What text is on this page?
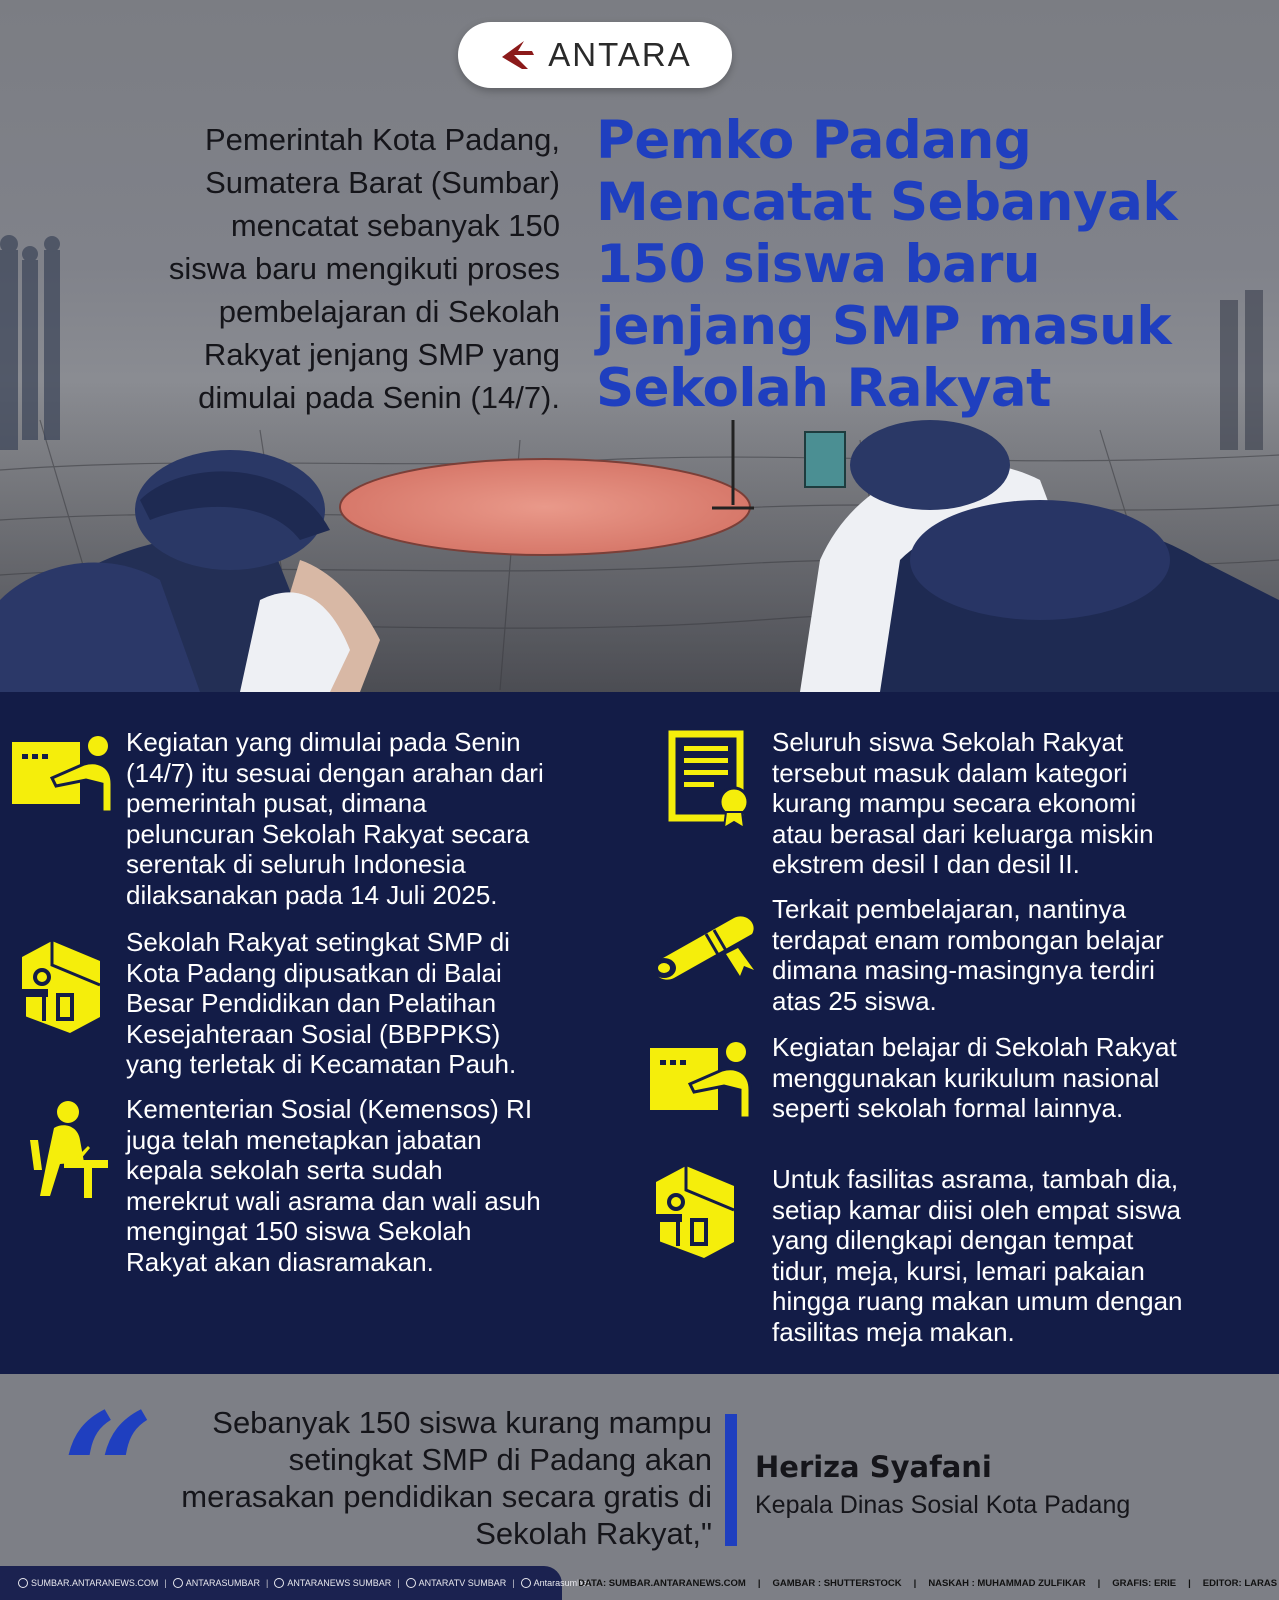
ANTARA
Pemerintah Kota Padang,
Sumatera Barat (Sumbar)
mencatat sebanyak 150
siswa baru mengikuti proses
pembelajaran di Sekolah
Rakyat jenjang SMP yang
dimulai pada Senin (14/7).
Pemko Padang
Mencatat Sebanyak
150 siswa baru
jenjang SMP masuk
Sekolah Rakyat
Kegiatan yang dimulai pada Senin
(14/7) itu sesuai dengan arahan dari
pemerintah pusat, dimana
peluncuran Sekolah Rakyat secara
serentak di seluruh Indonesia
dilaksanakan pada 14 Juli 2025.
Sekolah Rakyat setingkat SMP di
Kota Padang dipusatkan di Balai
Besar Pendidikan dan Pelatihan
Kesejahteraan Sosial (BBPPKS)
yang terletak di Kecamatan Pauh.
Kementerian Sosial (Kemensos) RI
juga telah menetapkan jabatan
kepala sekolah serta sudah
merekrut wali asrama dan wali asuh
mengingat 150 siswa Sekolah
Rakyat akan diasramakan.
Seluruh siswa Sekolah Rakyat
tersebut masuk dalam kategori
kurang mampu secara ekonomi
atau berasal dari keluarga miskin
ekstrem desil I dan desil II.
Terkait pembelajaran, nantinya
terdapat enam rombongan belajar
dimana masing-masingnya terdiri
atas 25 siswa.
Kegiatan belajar di Sekolah Rakyat
menggunakan kurikulum nasional
seperti sekolah formal lainnya.
Untuk fasilitas asrama, tambah dia,
setiap kamar diisi oleh empat siswa
yang dilengkapi dengan tempat
tidur, meja, kursi, lemari pakaian
hingga ruang makan umum dengan
fasilitas meja makan.
“	Sebanyak 150 siswa kurang mampu
setingkat SMP di Padang akan
merasakan pendidikan secara gratis di
Sekolah Rakyat,"
Heriza Syafani
Kepala Dinas Sosial Kota Padang
SUMBAR.ANTARANEWS.COM |	ANTARASUMBAR |	ANTARANEWS SUMBAR |	ANTARATV SUMBAR |	Antarasumbar
DATA: SUMBAR.ANTARANEWS.COM | GAMBAR : SHUTTERSTOCK | NASKAH : MUHAMMAD ZULFIKAR | GRAFIS: ERIE | EDITOR: LARAS
